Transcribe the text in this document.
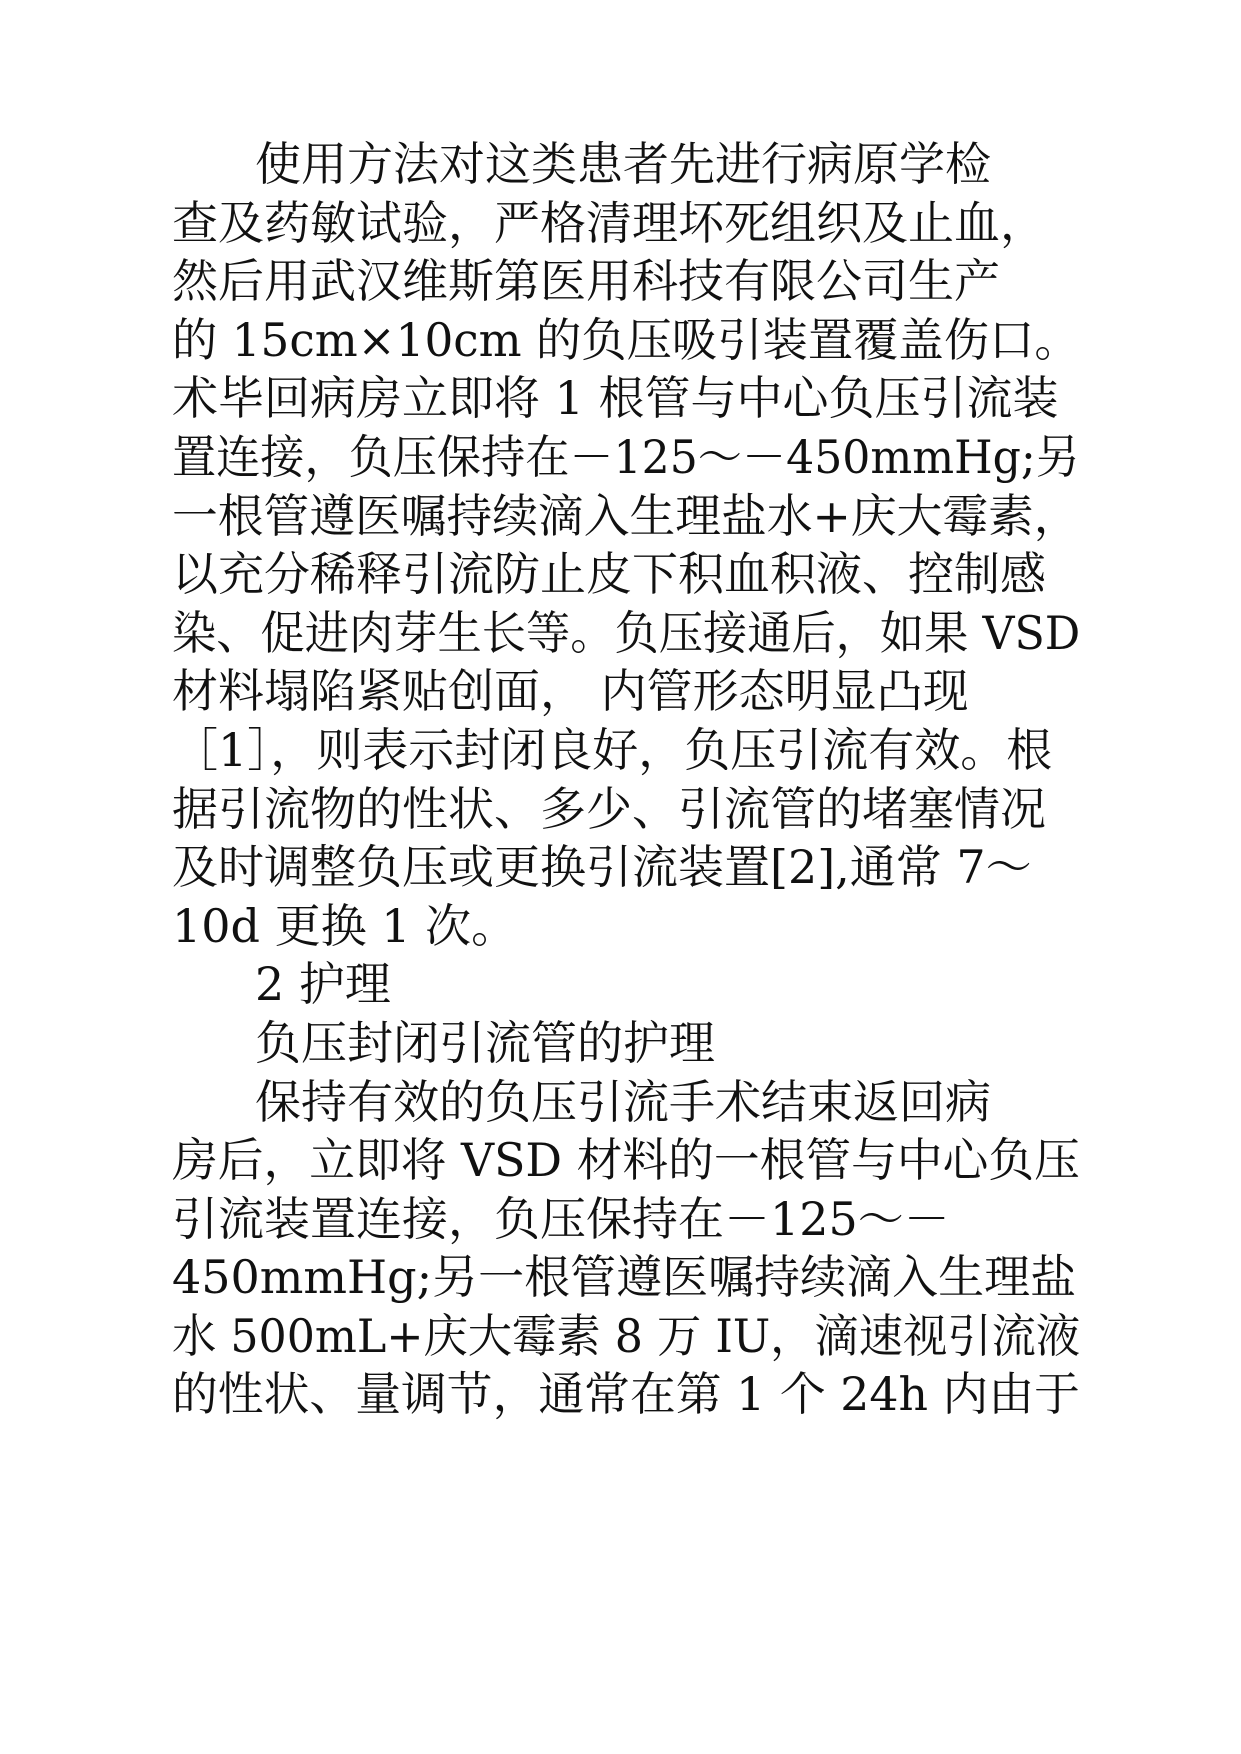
使用方法对这类患者先进行病原学检
查及药敏试验，严格清理坏死组织及止血，
然后用武汉维斯第医用科技有限公司生产
的 15cm×10cm 的负压吸引装置覆盖伤口。
术毕回病房立即将 1 根管与中心负压引流装
置连接，负压保持在－125～－450mmHg;另
一根管遵医嘱持续滴入生理盐水+庆大霉素，
以充分稀释引流防止皮下积血积液、控制感
染、促进肉芽生长等。负压接通后，如果 VSD
材料塌陷紧贴创面， 内管形态明显凸现
［1］，则表示封闭良好，负压引流有效。根
据引流物的性状、多少、引流管的堵塞情况
及时调整负压或更换引流装置[2],通常 7～
10d 更换 1 次。
2 护理
负压封闭引流管的护理
保持有效的负压引流手术结束返回病
房后，立即将 VSD 材料的一根管与中心负压
引流装置连接，负压保持在－125～－
450mmHg;另一根管遵医嘱持续滴入生理盐
水 500mL+庆大霉素 8 万 IU，滴速视引流液
的性状、量调节，通常在第 1 个 24h 内由于
